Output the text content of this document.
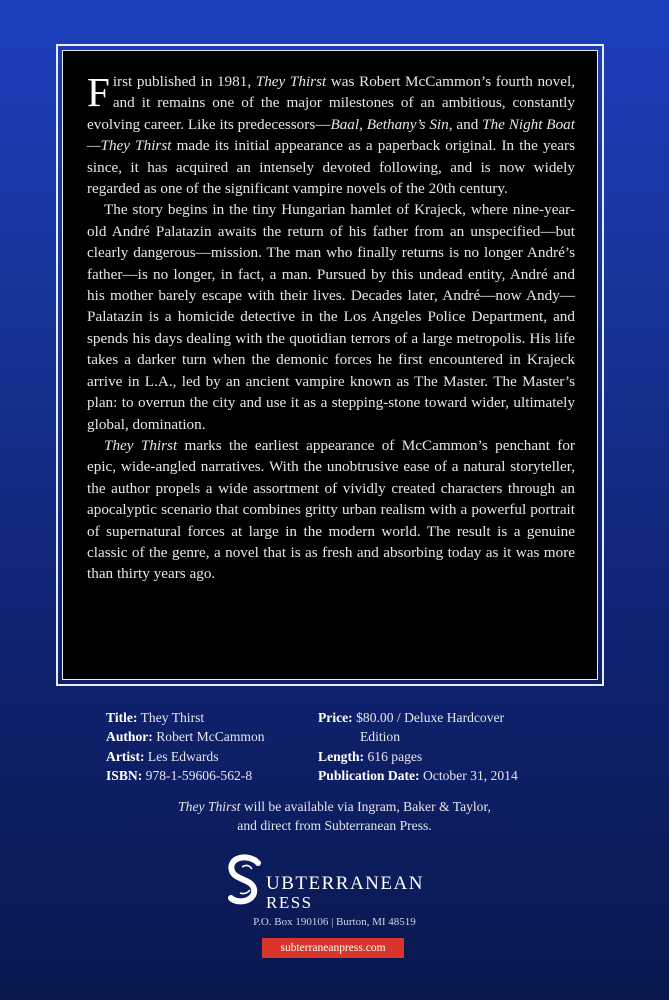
First published in 1981, They Thirst was Robert McCammon’s fourth novel, and it remains one of the major milestones of an ambitious, constantly evolving career. Like its predecessors—Baal, Bethany’s Sin, and The Night Boat—They Thirst made its initial appearance as a paperback original. In the years since, it has acquired an intensely devoted following, and is now widely regarded as one of the significant vampire novels of the 20th century.

The story begins in the tiny Hungarian hamlet of Krajeck, where nine-year-old André Palatazin awaits the return of his father from an unspecified—but clearly dangerous—mission. The man who finally returns is no longer André’s father—is no longer, in fact, a man. Pursued by this undead entity, André and his mother barely escape with their lives. Decades later, André—now Andy—Palatazin is a homicide detective in the Los Angeles Police Department, and spends his days dealing with the quotidian terrors of a large metropolis. His life takes a darker turn when the demonic forces he first encountered in Krajeck arrive in L.A., led by an ancient vampire known as The Master. The Master’s plan: to overrun the city and use it as a stepping-stone toward wider, ultimately global, domination.

They Thirst marks the earliest appearance of McCammon’s penchant for epic, wide-angled narratives. With the unobtrusive ease of a natural storyteller, the author propels a wide assortment of vividly created characters through an apocalyptic scenario that combines gritty urban realism with a powerful portrait of supernatural forces at large in the modern world. The result is a genuine classic of the genre, a novel that is as fresh and absorbing today as it was more than thirty years ago.

Title: They Thirst
Author: Robert McCammon
Artist: Les Edwards
ISBN: 978-1-59606-562-8
Price: $80.00 / Deluxe Hardcover
Edition
Length: 616 pages
Publication Date: October 31, 2014
They Thirst will be available via Ingram, Baker & Taylor,
and direct from Subterranean Press.
UBTERRANEAN
RESS
P.O. Box 190106 | Burton, MI 48519
subterraneanpress.com
